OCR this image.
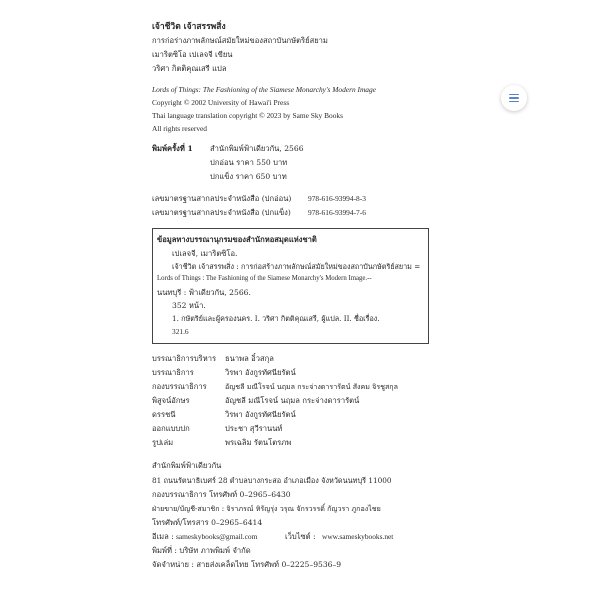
เจ้าชีวิต เจ้าสรรพสิ่ง
การก่อร่างภาพลักษณ์สมัยใหม่ของสถาบันกษัตริย์สยาม
เมาริตซิโอ เปเลจจี เขียน
วริศา กิตติคุณเสรี แปล
Lords of Things: The Fashioning of the Siamese Monarchy's Modern Image
Copyright © 2002 University of Hawai'i Press
Thai language translation copyright © 2023 by Same Sky Books
All rights reserved
พิมพ์ครั้งที่ 1 สำนักพิมพ์ฟ้าเดียวกัน, 2566
ปกอ่อน ราคา 550 บาท
ปกแข็ง ราคา 650 บาท
เลขมาตรฐานสากลประจำหนังสือ (ปกอ่อน) 978-616-93994-8-3
เลขมาตรฐานสากลประจำหนังสือ (ปกแข็ง) 978-616-93994-7-6
ข้อมูลทางบรรณานุกรมของสำนักหอสมุดแห่งชาติ
เปเลจจี, เมาริตซิโอ.
เจ้าชีวิต เจ้าสรรพสิ่ง : การก่อสร้างภาพลักษณ์สมัยใหม่ของสถาบันกษัตริย์สยาม =
Lords of Things : The Fashioning of the Siamese Monarchy's Modern Image.--
นนทบุรี : ฟ้าเดียวกัน, 2566.
352 หน้า.
1. กษัตริย์และผู้ครองนคร. I. วริศา กิตติคุณเสรี, ผู้แปล. II. ชื่อเรื่อง.
321.6
บรรณาธิการบริหาร ธนาพล อิ๋วสกุล
บรรณาธิการ	วิรพา อังกูรทัศนียรัตน์
กองบรรณาธิการ	อัญชลี มณีโรจน์ นฤมล กระจ่างดารารัตน์ สังคม จิรชูสกุล
พิสูจน์อักษร	อัญชลี มณีโรจน์ นฤมล กระจ่างดารารัตน์
ดรรชนี	วิรพา อังกูรทัศนียรัตน์
ออกแบบปก	ประชา สุวีรานนท์
รูปเล่ม	พรเฉลิม รัตนโตรภพ
สำนักพิมพ์ฟ้าเดียวกัน
81 ถนนรัตนาธิเบศร์ 28 ตำบลบางกระสอ อำเภอเมือง จังหวัดนนทบุรี 11000
กองบรรณาธิการ โทรศัพท์ 0–2965–6430
ฝ่ายขาย/บัญชี-สมาชิก : จิราภรณ์ หิรัญรุ่ง วรุณ จักรวรรดิ์ กัญวรา ภูกองไชย
โทรศัพท์/โทรสาร 0–2965–6414
อีเมล : sameskybooks@gmail.com	เว็บไซต์ : www.sameskybooks.net
พิมพ์ที่ : บริษัท ภาพพิมพ์ จำกัด
จัดจำหน่าย : สายส่งเคล็ดไทย โทรศัพท์ 0–2225–9536–9
